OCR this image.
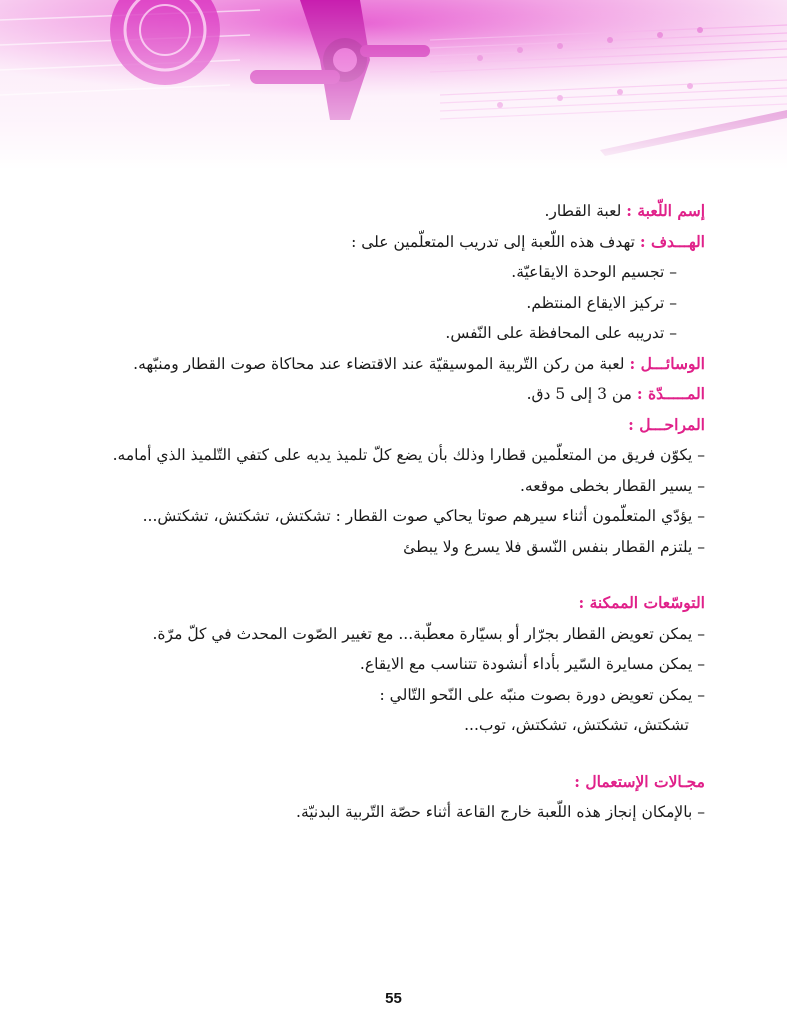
إسم اللّعبة : لعبة القطار.
الهـــدف : تهدف هذه اللّعبة إلى تدريب المتعلّمين على :
– تجسيم الوحدة الايقاعيّة.
– تركيز الايقاع المنتظم.
– تدريبه على المحافظة على النّفس.
الوسائـــل : لعبة من ركن التّربية الموسيقيّة عند الاقتضاء عند محاكاة صوت القطار ومنبّهه.
المـــــدّة : من 3 إلى 5 دق.
المراحـــل :
– يكوّن فريق من المتعلّمين قطارا وذلك بأن يضع كلّ تلميذ يديه على كتفي التّلميذ الذي أمامه.
– يسير القطار بخطى موقعه.
– يؤدّي المتعلّمون أثناء سيرهم صوتا يحاكي صوت القطار : تشكتش، تشكتش، تشكتش...
– يلتزم القطار بنفس النّسق فلا يسرع ولا يبطئ
التوسّعات الممكنة :
– يمكن تعويض القطار بجرّار أو بسيّارة معطّبة... مع تغيير الصّوت المحدث في كلّ مرّة.
– يمكن مسايرة السّير بأداء أنشودة تتناسب مع الايقاع.
– يمكن تعويض دورة بصوت منبّه على النّحو التّالي :
تشكتش، تشكتش، تشكتش، توب...
مجـالات الإستعمال :
– بالإمكان إنجاز هذه اللّعبة خارج القاعة أثناء حصّة التّربية البدنيّة.
55
